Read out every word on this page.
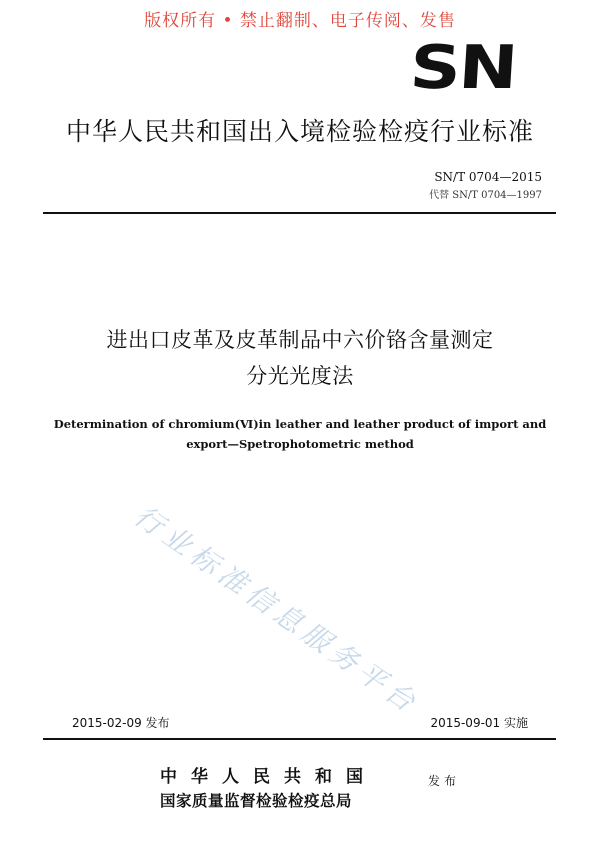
版权所有 • 禁止翻制、电子传阅、发售
SN
中华人民共和国出入境检验检疫行业标准
SN/T 0704—2015
代替 SN/T 0704—1997
进出口皮革及皮革制品中六价铬含量测定
分光光度法
Determination of chromium(Ⅵ)in leather and leather product of import and
export—Spetrophotometric method
行业标准信息服务平台
2015-02-09 发布	2015-09-01 实施
中华人民共和国
国家质量监督检验检疫总局
发布
